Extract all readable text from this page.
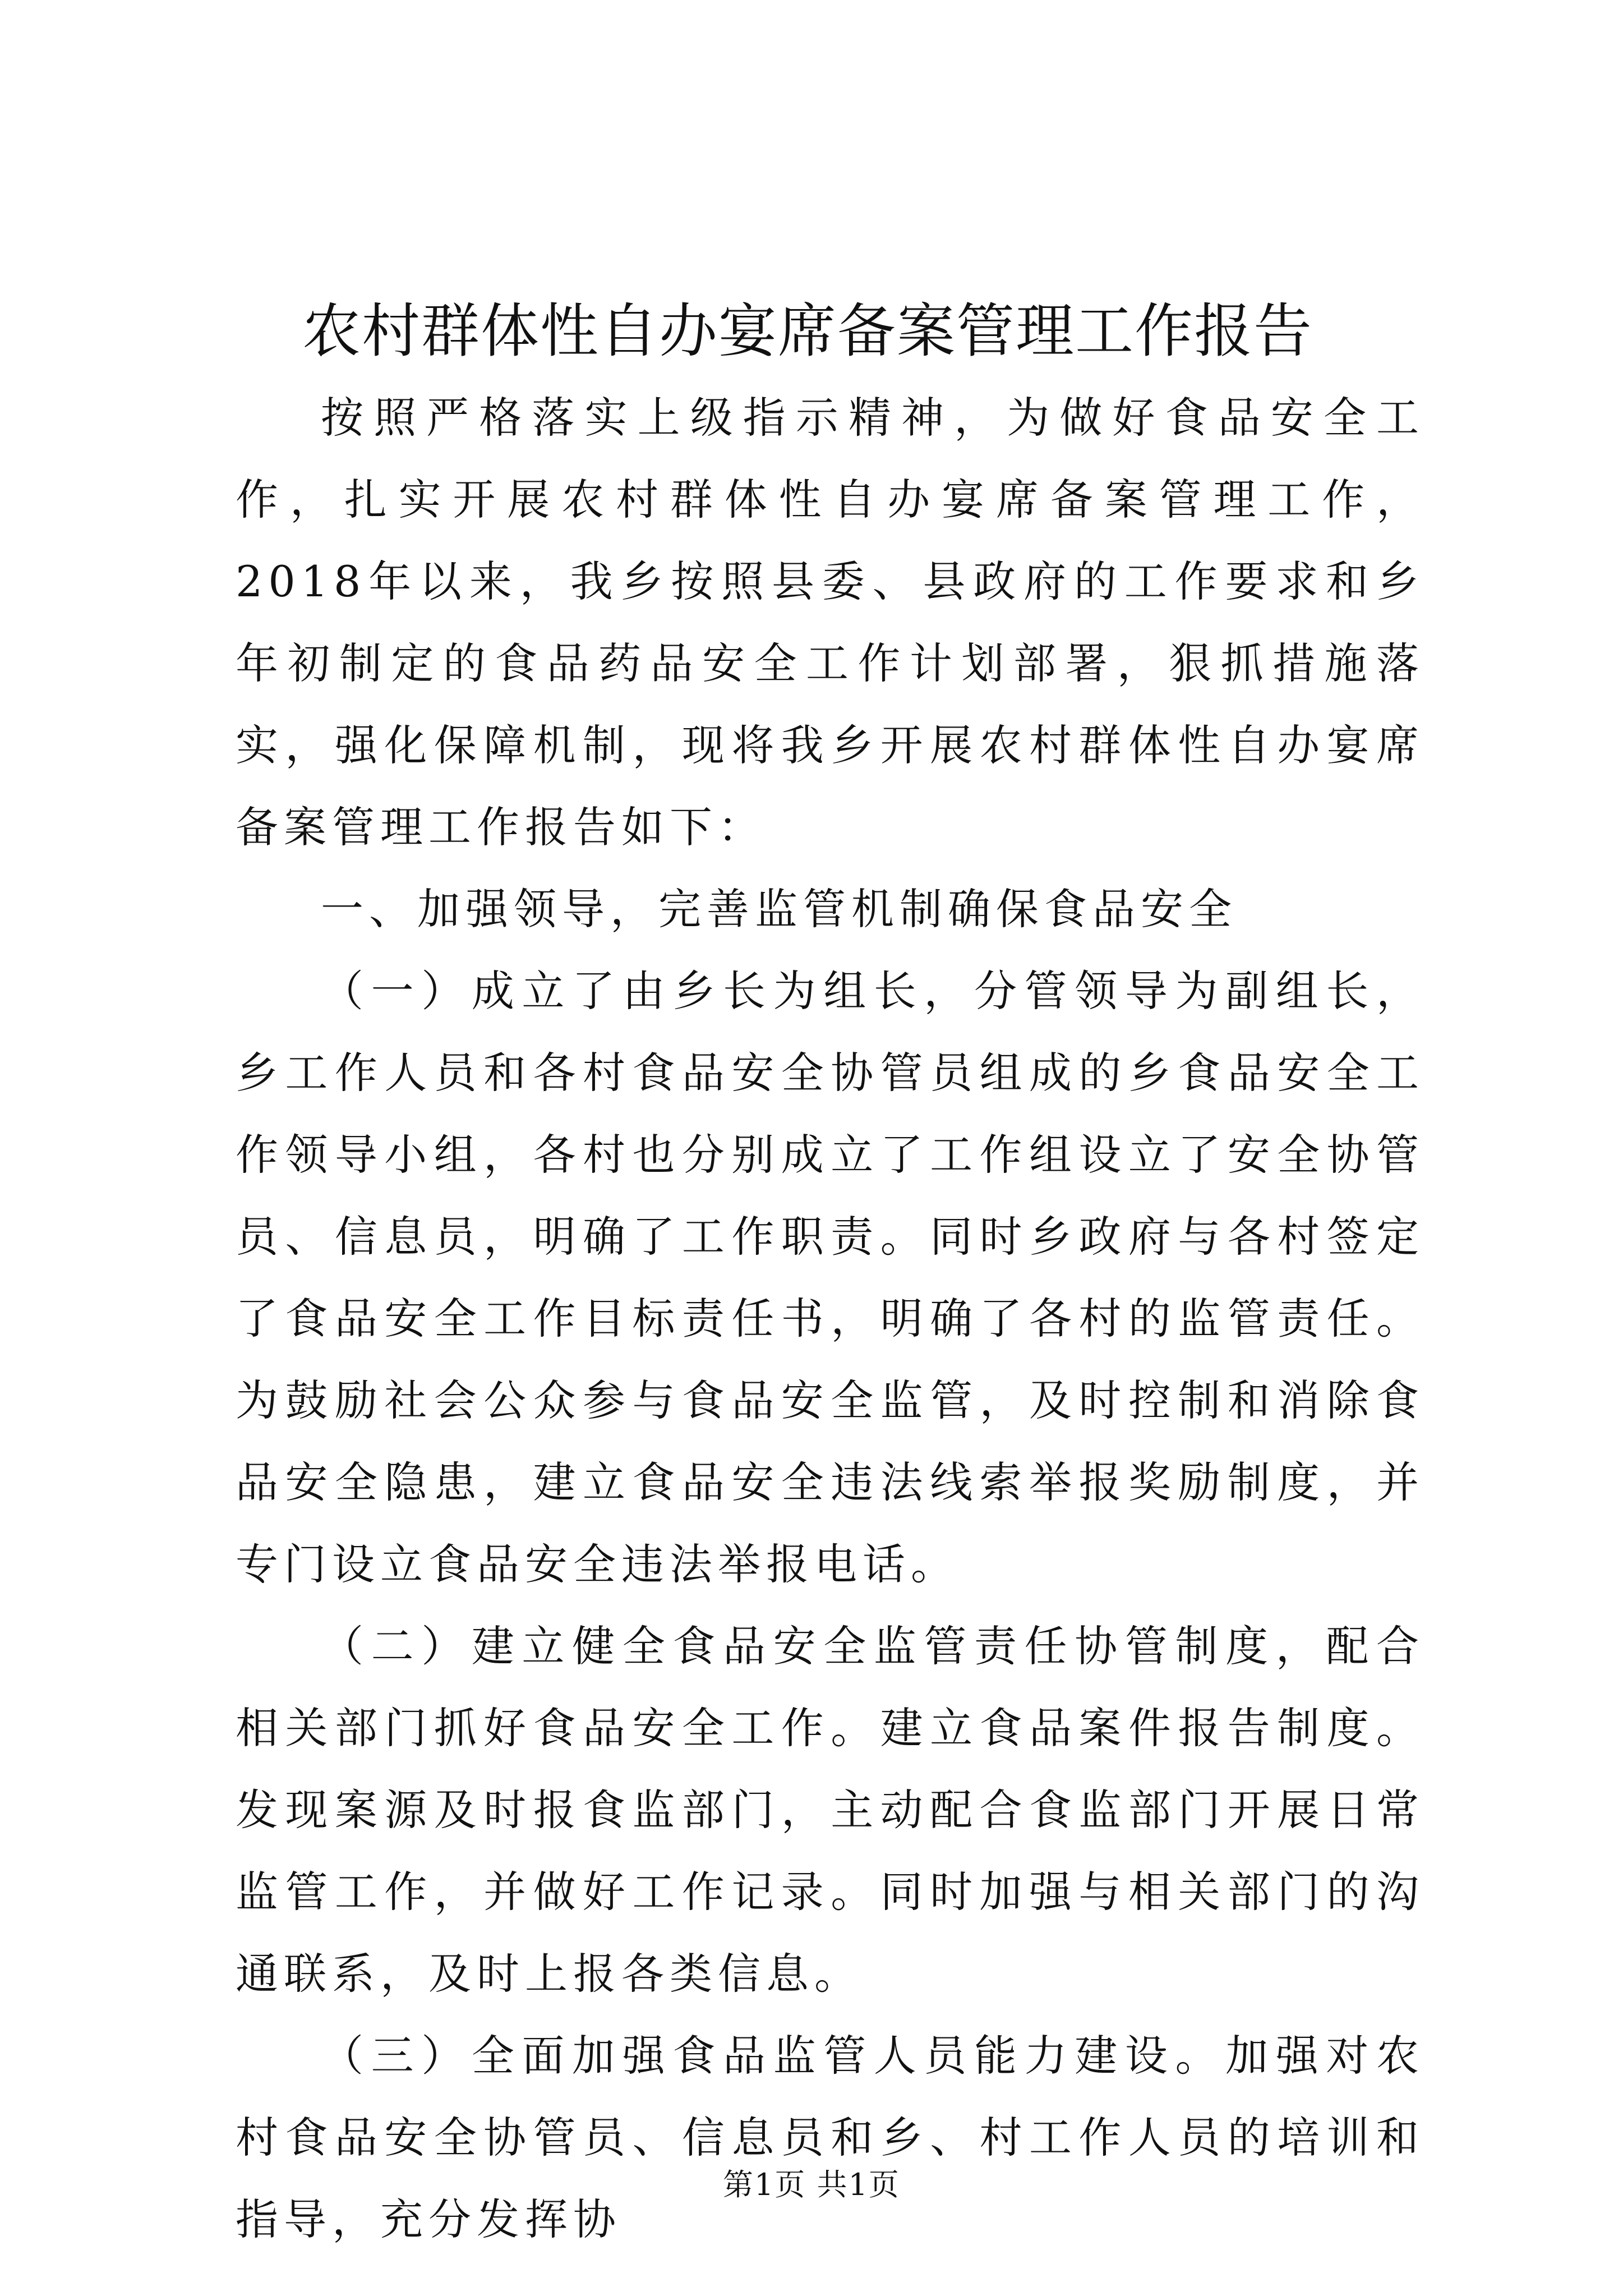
农村群体性自办宴席备案管理工作报告

按照严格落实上级指示精神，为做好食品安全工作，扎实开展农村群体性自办宴席备案管理工作，2018年以来，我乡按照县委、县政府的工作要求和乡年初制定的食品药品安全工作计划部署，狠抓措施落实，强化保障机制，现将我乡开展农村群体性自办宴席备案管理工作报告如下：

一、加强领导，完善监管机制确保食品安全

（一）成立了由乡长为组长，分管领导为副组长，乡工作人员和各村食品安全协管员组成的乡食品安全工作领导小组，各村也分别成立了工作组设立了安全协管员、信息员，明确了工作职责。同时乡政府与各村签定了食品安全工作目标责任书，明确了各村的监管责任。为鼓励社会公众参与食品安全监管，及时控制和消除食品安全隐患，建立食品安全违法线索举报奖励制度，并专门设立食品安全违法举报电话。

（二）建立健全食品安全监管责任协管制度，配合相关部门抓好食品安全工作。建立食品案件报告制度。发现案源及时报食监部门，主动配合食监部门开展日常监管工作，并做好工作记录。同时加强与相关部门的沟通联系，及时上报各类信息。

（三）全面加强食品监管人员能力建设。加强对农村食品安全协管员、信息员和乡、村工作人员的培训和指导，充分发挥协

第1页 共1页
